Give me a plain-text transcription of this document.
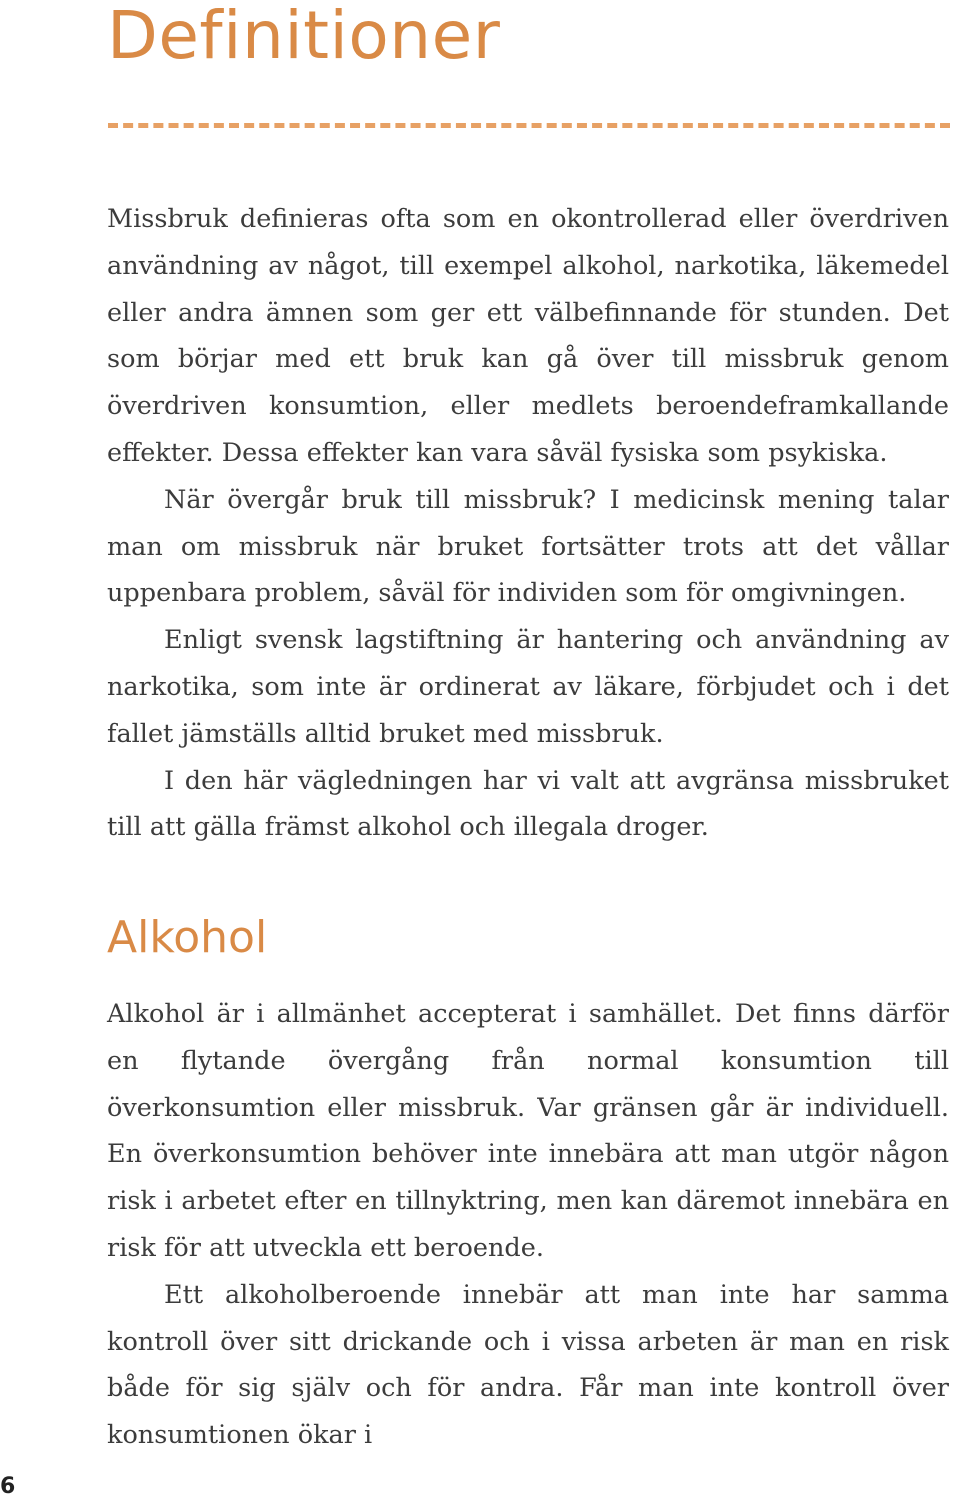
Definitioner

Missbruk definieras ofta som en okontrollerad eller överdriven användning av något, till exempel alkohol, narkotika, läkemedel eller andra ämnen som ger ett välbefinnande för stunden. Det som börjar med ett bruk kan gå över till missbruk genom överdriven konsumtion, eller medlets beroendeframkallande effekter. Dessa effekter kan vara såväl fysiska som psykiska.

När övergår bruk till missbruk? I medicinsk mening talar man om missbruk när bruket fortsätter trots att det vållar uppenbara problem, såväl för individen som för omgivningen.

Enligt svensk lagstiftning är hantering och användning av narkotika, som inte är ordinerat av läkare, förbjudet och i det fallet jämställs alltid bruket med missbruk.

I den här vägledningen har vi valt att avgränsa missbruket till att gälla främst alkohol och illegala droger.

Alkohol

Alkohol är i allmänhet accepterat i samhället. Det finns därför en flytande övergång från normal konsumtion till överkonsumtion eller missbruk. Var gränsen går är individuell. En överkonsumtion behöver inte innebära att man utgör någon risk i arbetet efter en tillnyktring, men kan däremot innebära en risk för att utveckla ett beroende.

Ett alkoholberoende innebär att man inte har samma kontroll över sitt drickande och i vissa arbeten är man en risk både för sig själv och för andra. Får man inte kontroll över konsumtionen ökar i

6
